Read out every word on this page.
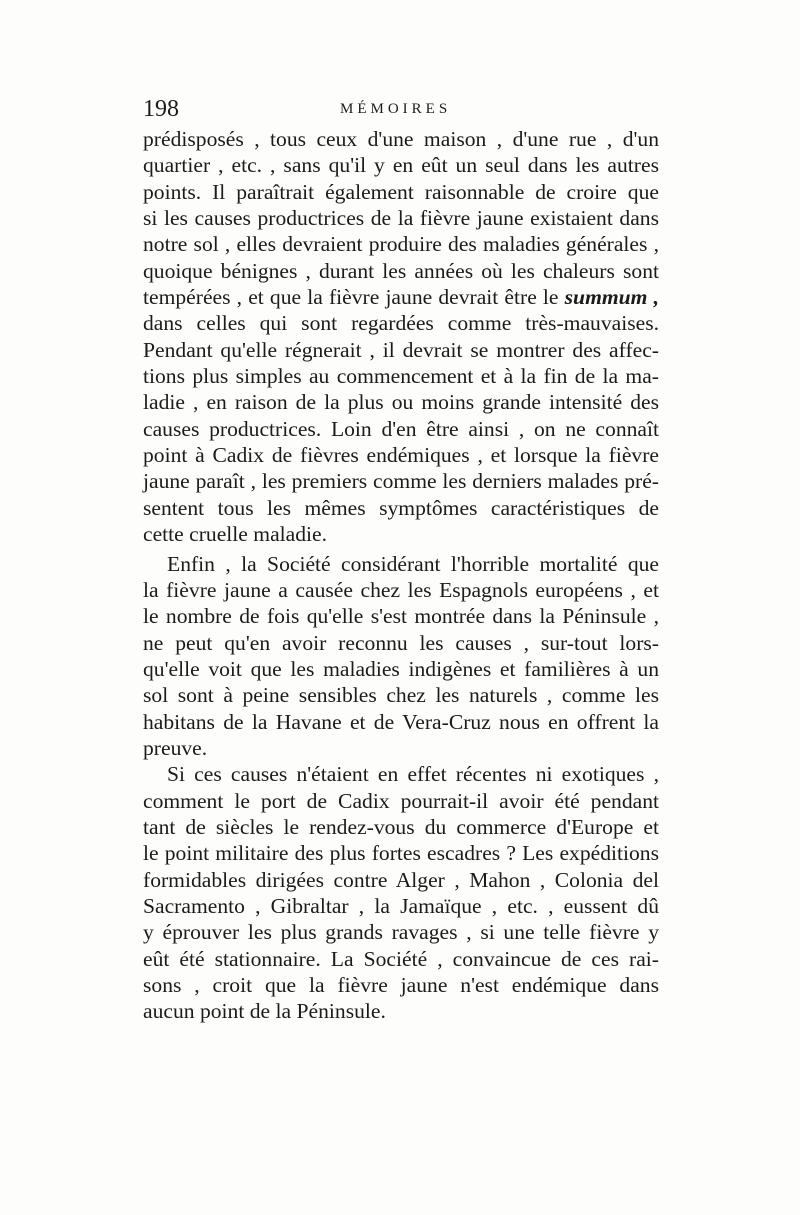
198	MÉMOIRES
prédisposés , tous ceux d'une maison , d'une rue , d'un
quartier , etc. , sans qu'il y en eût un seul dans les autres
points. Il paraîtrait également raisonnable de croire que
si les causes productrices de la fièvre jaune existaient dans
notre sol , elles devraient produire des maladies générales ,
quoique bénignes , durant les années où les chaleurs sont
tempérées , et que la fièvre jaune devrait être le summum ,
dans celles qui sont regardées comme très-mauvaises.
Pendant qu'elle régnerait , il devrait se montrer des affec-
tions plus simples au commencement et à la fin de la ma-
ladie , en raison de la plus ou moins grande intensité des
causes productrices. Loin d'en être ainsi , on ne connaît
point à Cadix de fièvres endémiques , et lorsque la fièvre
jaune paraît , les premiers comme les derniers malades pré-
sentent tous les mêmes symptômes caractéristiques de
cette cruelle maladie.
Enfin , la Société considérant l'horrible mortalité que
la fièvre jaune a causée chez les Espagnols européens , et
le nombre de fois qu'elle s'est montrée dans la Péninsule ,
ne peut qu'en avoir reconnu les causes , sur-tout lors-
qu'elle voit que les maladies indigènes et familières à un
sol sont à peine sensibles chez les naturels , comme les
habitans de la Havane et de Vera-Cruz nous en offrent la
preuve.
Si ces causes n'étaient en effet récentes ni exotiques ,
comment le port de Cadix pourrait-il avoir été pendant
tant de siècles le rendez-vous du commerce d'Europe et
le point militaire des plus fortes escadres ? Les expéditions
formidables dirigées contre Alger , Mahon , Colonia del
Sacramento , Gibraltar , la Jamaïque , etc. , eussent dû
y éprouver les plus grands ravages , si une telle fièvre y
eût été stationnaire. La Société , convaincue de ces rai-
sons , croit que la fièvre jaune n'est endémique dans
aucun point de la Péninsule.
